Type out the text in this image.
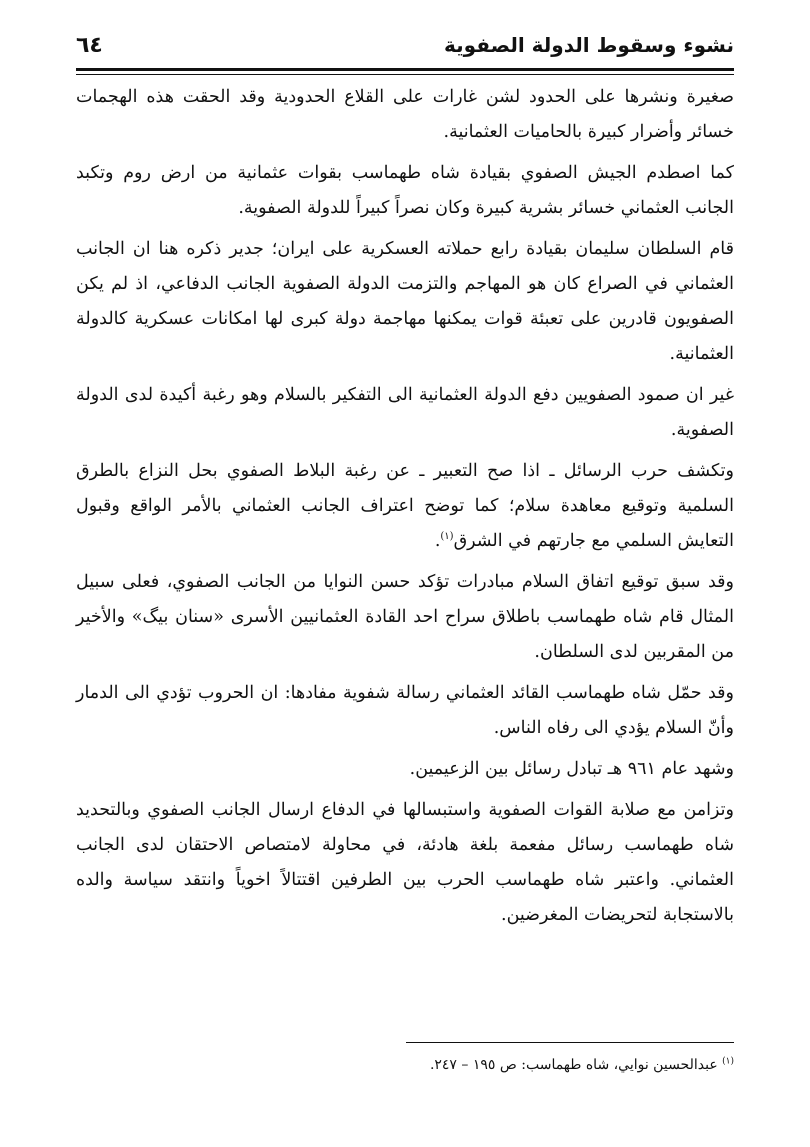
نشوء وسقوط الدولة الصفوية
٦٤

صغيرة ونشرها على الحدود لشن غارات على القلاع الحدودية وقد الحقت هذه الهجمات خسائر وأضرار كبيرة بالحاميات العثمانية.

كما اصطدم الجيش الصفوي بقيادة شاه طهماسب بقوات عثمانية من ارض روم وتكبد الجانب العثماني خسائر بشرية كبيرة وكان نصراً كبيراً للدولة الصفوية.

قام السلطان سليمان بقيادة رابع حملاته العسكرية على ايران؛ جدير ذكره هنا ان الجانب العثماني في الصراع كان هو المهاجم والتزمت الدولة الصفوية الجانب الدفاعي، اذ لم يكن الصفويون قادرين على تعبئة قوات يمكنها مهاجمة دولة كبرى لها امكانات عسكرية كالدولة العثمانية.

غير ان صمود الصفويين دفع الدولة العثمانية الى التفكير بالسلام وهو رغبة أكيدة لدى الدولة الصفوية.

وتكشف حرب الرسائل ـ اذا صح التعبير ـ عن رغبة البلاط الصفوي بحل النزاع بالطرق السلمية وتوقيع معاهدة سلام؛ كما توضح اعتراف الجانب العثماني بالأمر الواقع وقبول التعايش السلمي مع جارتهم في الشرق$^{(١)}$.

وقد سبق توقيع اتفاق السلام مبادرات تؤكد حسن النوايا من الجانب الصفوي، فعلى سبيل المثال قام شاه طهماسب باطلاق سراح احد القادة العثمانيين الأسرى «سنان بيگ» والأخير من المقربين لدى السلطان.

وقد حمّل شاه طهماسب القائد العثماني رسالة شفوية مفادها: ان الحروب تؤدي الى الدمار وأنّ السلام يؤدي الى رفاه الناس.

وشهد عام ٩٦١ هـ تبادل رسائل بين الزعيمين.

وتزامن مع صلابة القوات الصفوية واستبسالها في الدفاع ارسال الجانب الصفوي وبالتحديد شاه طهماسب رسائل مفعمة بلغة هادئة، في محاولة لامتصاص الاحتقان لدى الجانب العثماني. واعتبر شاه طهماسب الحرب بين الطرفين اقتتالاً اخوياً وانتقد سياسة والده بالاستجابة لتحريضات المغرضين.

$^{(١)}$ عبدالحسين نوايي، شاه طهماسب: ص ١٩٥ – ٢٤٧.
